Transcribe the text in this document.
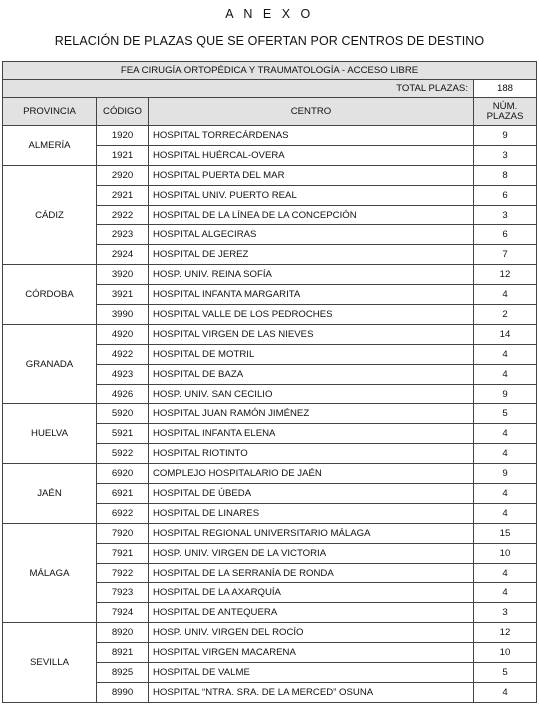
A N E X O
RELACIÓN DE PLAZAS QUE SE OFERTAN POR CENTROS DE DESTINO
FEA CIRUGÍA ORTOPÉDICA Y TRAUMATOLOGÍA - ACCESO LIBRE			
TOTAL PLAZAS:			188
PROVINCIA	CÓDIGO	CENTRO	NÚM.
PLAZAS
ALMERÍA	1920	HOSPITAL TORRECÁRDENAS	9
	1921	HOSPITAL HUÉRCAL-OVERA	3
CÁDIZ	2920	HOSPITAL PUERTA DEL MAR	8
	2921	HOSPITAL UNIV. PUERTO REAL	6
	2922	HOSPITAL DE LA LÍNEA DE LA CONCEPCIÓN	3
	2923	HOSPITAL ALGECIRAS	6
	2924	HOSPITAL DE JEREZ	7
CÓRDOBA	3920	HOSP. UNIV. REINA SOFÍA	12
	3921	HOSPITAL INFANTA MARGARITA	4
	3990	HOSPITAL VALLE DE LOS PEDROCHES	2
GRANADA	4920	HOSPITAL VIRGEN DE LAS NIEVES	14
	4922	HOSPITAL DE MOTRIL	4
	4923	HOSPITAL DE BAZA	4
	4926	HOSP. UNIV. SAN CECILIO	9
HUELVA	5920	HOSPITAL JUAN RAMÓN JIMÉNEZ	5
	5921	HOSPITAL INFANTA ELENA	4
	5922	HOSPITAL RIOTINTO	4
JAÉN	6920	COMPLEJO HOSPITALARIO DE JAÉN	9
	6921	HOSPITAL DE ÚBEDA	4
	6922	HOSPITAL DE LINARES	4
MÁLAGA	7920	HOSPITAL REGIONAL UNIVERSITARIO MÁLAGA	15
	7921	HOSP. UNIV. VIRGEN DE LA VICTORIA	10
	7922	HOSPITAL DE LA SERRANÍA DE RONDA	4
	7923	HOSPITAL DE LA AXARQUÍA	4
	7924	HOSPITAL DE ANTEQUERA	3
SEVILLA	8920	HOSP. UNIV. VIRGEN DEL ROCÍO	12
	8921	HOSPITAL VIRGEN MACARENA	10
	8925	HOSPITAL DE VALME	5
	8990	HOSPITAL “NTRA. SRA. DE LA MERCED” OSUNA	4
